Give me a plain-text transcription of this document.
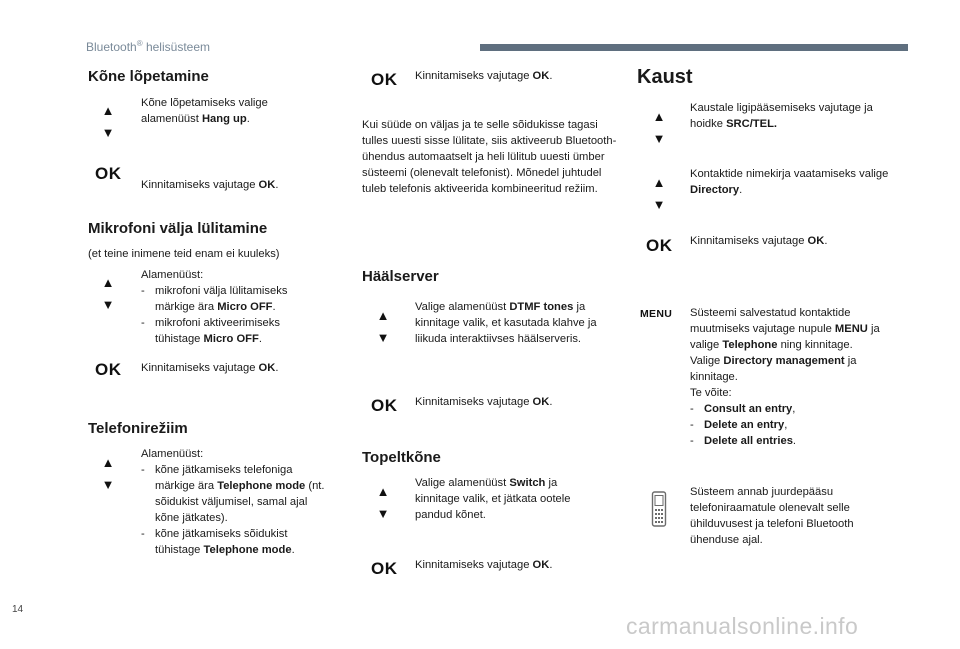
Bluetooth® helisüsteem
Kõne lõpetamine
▲
▼
Kõne lõpetamiseks valige alamenüüst Hang up.
OK
Kinnitamiseks vajutage OK.
Mikrofoni välja lülitamine
(et teine inimene teid enam ei kuuleks)
▲
▼
Alamenüüst:
- mikrofoni välja lülitamiseks märkige ära Micro OFF.
- mikrofoni aktiveerimiseks tühistage Micro OFF.
OK Kinnitamiseks vajutage OK.
Telefonirežiim
▲
▼
Alamenüüst:
- kõne jätkamiseks telefoniga märkige ära Telephone mode (nt. sõidukist väljumisel, samal ajal kõne jätkates).
- kõne jätkamiseks sõidukist tühistage Telephone mode.
OK Kinnitamiseks vajutage OK.
Kui süüde on väljas ja te selle sõidukisse tagasi tulles uuesti sisse lülitate, siis aktiveerub Bluetooth-ühendus automaatselt ja heli lülitub uuesti ümber süsteemi (olenevalt telefonist). Mõnedel juhtudel tuleb telefonis aktiveerida kombineeritud režiim.
Häälserver
▲
▼
Valige alamenüüst DTMF tones ja kinnitage valik, et kasutada klahve ja liikuda interaktiivses häälserveris.
OK Kinnitamiseks vajutage OK.
Topeltkõne
▲
▼
Valige alamenüüst Switch ja kinnitage valik, et jätkata ootele pandud kõnet.
OK Kinnitamiseks vajutage OK.
Kaust
▲
▼
Kaustale ligipääsemiseks vajutage ja hoidke SRC/TEL.
▲
▼
Kontaktide nimekirja vaatamiseks valige Directory.
OK Kinnitamiseks vajutage OK.
MENU Süsteemi salvestatud kontaktide muutmiseks vajutage nupule MENU ja valige Telephone ning kinnitage.
Valige Directory management ja kinnitage.
Te võite:
- Consult an entry,
- Delete an entry,
- Delete all entries.
Süsteem annab juurdepääsu telefoniraamatule olenevalt selle ühilduvusest ja telefoni Bluetooth ühenduse ajal.
14
carmanualsonline.info
